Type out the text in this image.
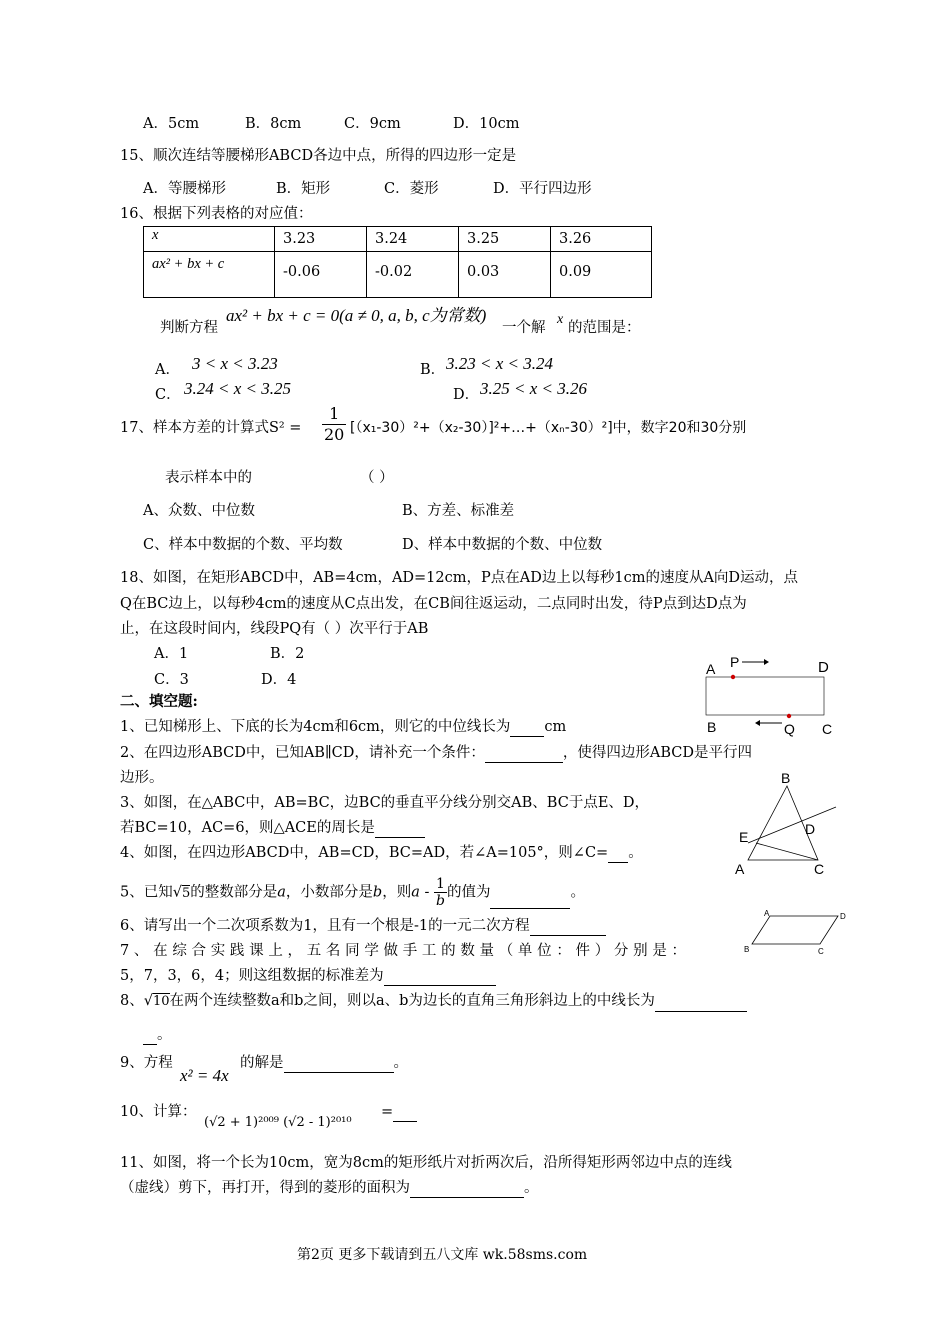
A．5cm	B．8cm	C．9cm	D．10cm
15、顺次连结等腰梯形ABCD各边中点，所得的四边形一定是
A．等腰梯形	B．矩形	C．菱形	D．平行四边形
16、根据下列表格的对应值：
x	3.23	3.24	3.25	3.26
ax² + bx + c	-0.06	-0.02	0.03	0.09
判断方程
ax² + bx + c = 0(a ≠ 0, a, b, c为常数)
一个解
x
的范围是：
A． 3 < x < 3.23	B． 3.23 < x < 3.24
C． 3.24 < x < 3.25	D． 3.25 < x < 3.26
17、样本方差的计算式$S^2 = \frac{1}{20}$ [（x₁-30）²+（x₂-30）]²+…+（xₙ-30）²]中，数字20和30分别
表示样本中的	（ ）
A、众数、中位数	B、方差、标准差
C、样本中数据的个数、平均数	D、样本中数据的个数、中位数
18、如图，在矩形ABCD中，AB=4cm，AD=12cm，P点在AD边上以每秒1cm的速度从A向D运动，点
Q在BC边上，以每秒4cm的速度从C点出发，在CB间往返运动，二点同时出发，待P点到达D点为
止，在这段时间内，线段PQ有（ ）次平行于AB
A．1	B．2
C．3	D．4
A P	D
B	Q C
二、填空题:
1、已知梯形上、下底的长为4cm和6cm，则它的中位线长为 cm
2、在四边形ABCD中，已知AB∥CD，请补充一个条件：	，使得四边形ABCD是平行四
边形。
3、如图，在△ABC中，AB=BC，边BC的垂直平分线分别交AB、BC于点E、D，
若BC=10，AC=6，则△ACE的周长是
B
E	D
A	C
4、如图，在四边形ABCD中，AB=CD，BC=AD，若∠A=105°，则∠C= 。
5、已知√5的整数部分是a，小数部分是b，则a - $\frac{1}{b}$ 的值为	。
6、请写出一个二次项系数为1，且有一个根是-1的一元二次方程
A	D
B	C
7、在综合实践课上，五名同学做手工的数量（单位：件）分别是：
5，7，3，6，4；则这组数据的标准差为
8、√10在两个连续整数a和b之间，则以a、b为边长的直角三角形斜边上的中线长为
。
9、方程
x² = 4x
的解是	。
10、计算：
(√2 + 1)²⁰⁰⁹ (√2 - 1)²⁰¹⁰
=
11、如图，将一个长为10cm，宽为8cm的矩形纸片对折两次后，沿所得矩形两邻边中点的连线
（虚线）剪下，再打开，得到的菱形的面积为	。
第2页 更多下载请到五八文库 wk.58sms.com
